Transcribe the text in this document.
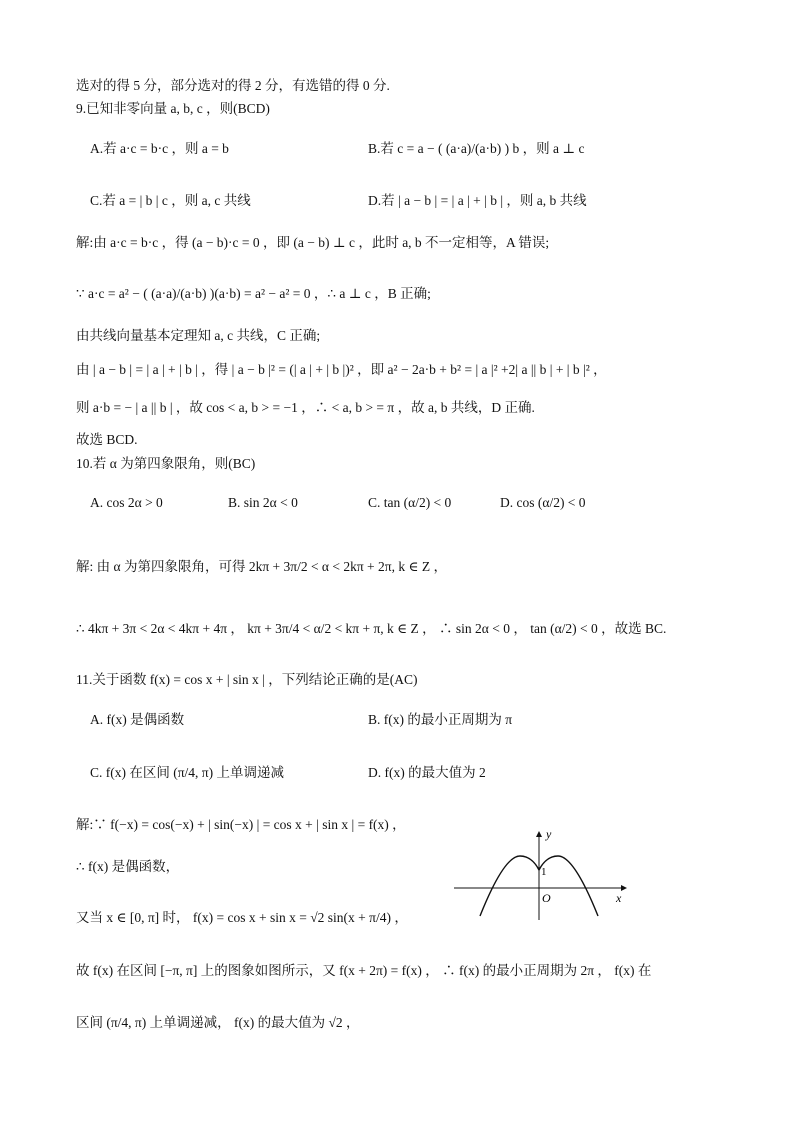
选对的得 5 分，部分选对的得 2 分，有选错的得 0 分.
9.已知非零向量 a, b, c ，则(BCD)
A.若 a·c = b·c ，则 a = b	B.若 c = a − ( (a·a)/(a·b) ) b ，则 a ⊥ c
C.若 a = | b | c ，则 a, c 共线	D.若 | a − b | = | a | + | b | ，则 a, b 共线
解:由 a·c = b·c ，得 (a − b)·c = 0 ，即 (a − b) ⊥ c ，此时 a, b 不一定相等，A 错误;
∵ a·c = a² − ( (a·a)/(a·b) )(a·b) = a² − a² = 0 ，∴ a ⊥ c ，B 正确;
由共线向量基本定理知 a, c 共线，C 正确;
由 | a − b | = | a | + | b | ，得 | a − b |² = (| a | + | b |)² ，即 a² − 2a·b + b² = | a |² +2| a || b | + | b |² ，
则 a·b = − | a || b | ，故 cos < a, b > = −1 ，∴ < a, b > = π ，故 a, b 共线，D 正确.
故选 BCD.
10.若 α 为第四象限角，则(BC)
A. cos 2α > 0	B. sin 2α < 0	C. tan (α/2) < 0	D. cos (α/2) < 0
解: 由 α 为第四象限角，可得 2kπ + 3π/2 < α < 2kπ + 2π, k ∈ Z ，
∴ 4kπ + 3π < 2α < 4kπ + 4π ， kπ + 3π/4 < α/2 < kπ + π, k ∈ Z ， ∴ sin 2α < 0 ， tan (α/2) < 0 ，故选 BC.
11.关于函数 f(x) = cos x + | sin x | ，下列结论正确的是(AC)
A. f(x) 是偶函数	B. f(x) 的最小正周期为 π
C. f(x) 在区间 (π/4, π) 上单调递减	D. f(x) 的最大值为 2
解:∵ f(−x) = cos(−x) + | sin(−x) | = cos x + | sin x | = f(x) ，
∴ f(x) 是偶函数，
又当 x ∈ [0, π] 时， f(x) = cos x + sin x = √2 sin(x + π/4) ，
故 f(x) 在区间 [−π, π] 上的图象如图所示，又 f(x + 2π) = f(x) ， ∴ f(x) 的最小正周期为 2π ， f(x) 在
区间 (π/4, π) 上单调递减， f(x) 的最大值为 √2 ，
y
x
O
1
